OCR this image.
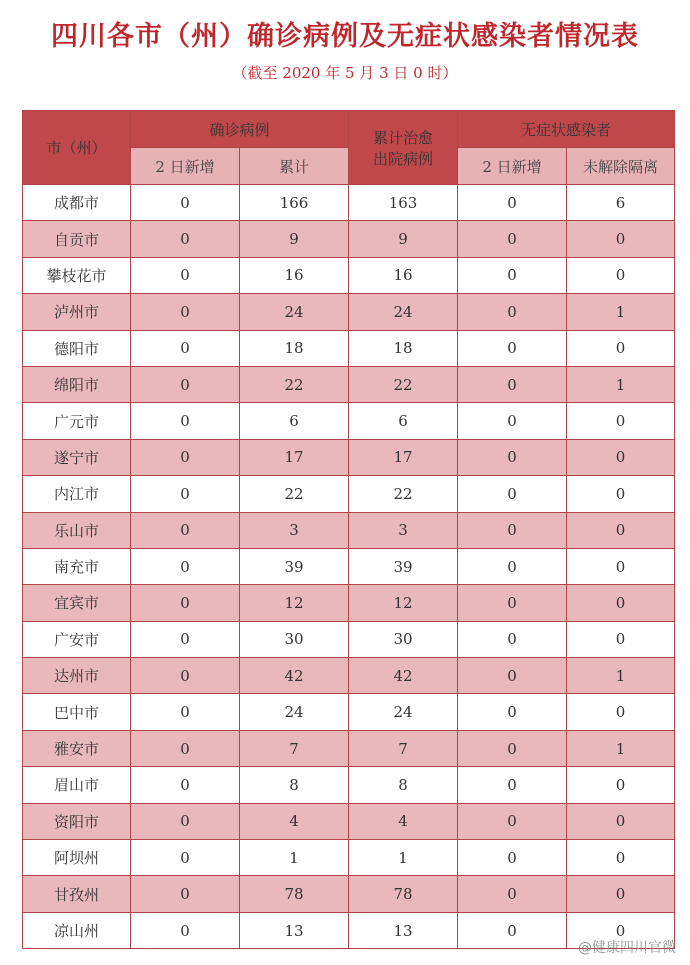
四川各市（州）确诊病例及无症状感染者情况表
（截至 2020 年 5 月 3 日 0 时）
市（州）	确诊病例		累计治愈出院病例	无症状感染者	
	2 日新增	累计		2 日新增	未解除隔离
成都市	0	166	163	0	6
自贡市	0	9	9	0	0
攀枝花市	0	16	16	0	0
泸州市	0	24	24	0	1
德阳市	0	18	18	0	0
绵阳市	0	22	22	0	1
广元市	0	6	6	0	0
遂宁市	0	17	17	0	0
内江市	0	22	22	0	0
乐山市	0	3	3	0	0
南充市	0	39	39	0	0
宜宾市	0	12	12	0	0
广安市	0	30	30	0	0
达州市	0	42	42	0	1
巴中市	0	24	24	0	0
雅安市	0	7	7	0	1
眉山市	0	8	8	0	0
资阳市	0	4	4	0	0
阿坝州	0	1	1	0	0
甘孜州	0	78	78	0	0
凉山州	0	13	13	0	0
@健康四川官微
